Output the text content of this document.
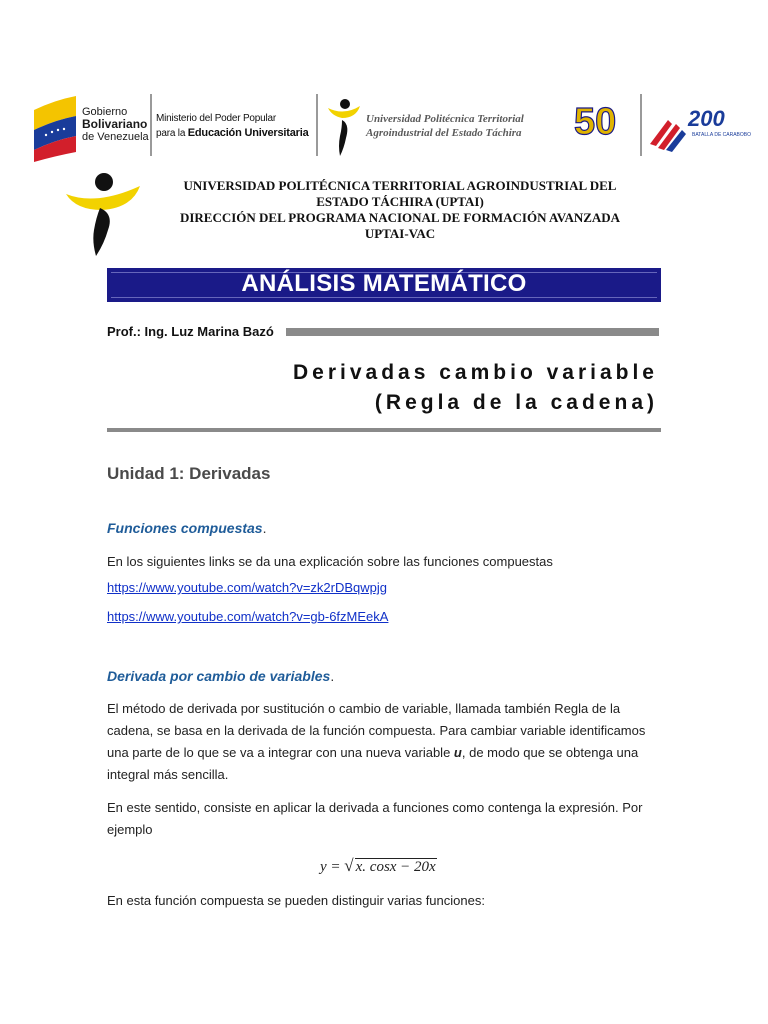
Gobierno
Bolivariano
de Venezuela
Ministerio del Poder Popular
para la Educación Universitaria
Universidad Politécnica Territorial
Agroindustrial del Estado Táchira 50	200
BATALLA DE CARABOBO
UNIVERSIDAD POLITÉCNICA TERRITORIAL AGROINDUSTRIAL DEL
ESTADO TÁCHIRA (UPTAI)
DIRECCIÓN DEL PROGRAMA NACIONAL DE FORMACIÓN AVANZADA
UPTAI-VAC
ANÁLISIS MATEMÁTICO
Prof.: Ing. Luz Marina Bazó
Derivadas cambio variable
(Regla de la cadena)
Unidad 1: Derivadas
Funciones compuestas.
En los siguientes links se da una explicación sobre las funciones compuestas
https://www.youtube.com/watch?v=zk2rDBqwpjg
https://www.youtube.com/watch?v=gb-6fzMEekA
Derivada por cambio de variables.
El método de derivada por sustitución o cambio de variable, llamada también Regla de la cadena, se basa en la derivada de la función compuesta. Para cambiar variable identificamos una parte de lo que se va a integrar con una nueva variable u, de modo que se obtenga una integral más sencilla.
En este sentido, consiste en aplicar la derivada a funciones como contenga la expresión. Por ejemplo
y = √ x. cosx − 20x
En esta función compuesta se pueden distinguir varias funciones:
